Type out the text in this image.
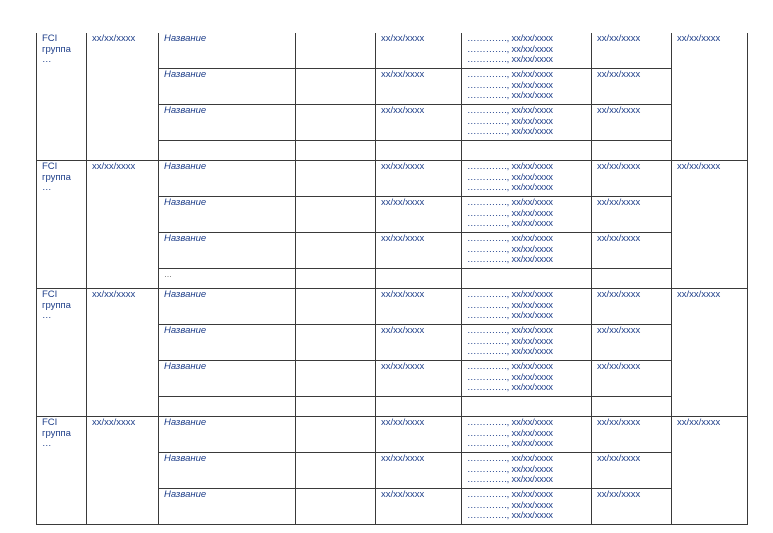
FCI группа …	xx/xx/xxxx	Название		xx/xx/xxxx	…………., xx/xx/xxxx
…………., xx/xx/xxxx
…………., xx/xx/xxxx	xx/xx/xxxx	xx/xx/xxxx
		Название		xx/xx/xxxx	…………., xx/xx/xxxx
…………., xx/xx/xxxx
…………., xx/xx/xxxx	xx/xx/xxxx	
		Название		xx/xx/xxxx	…………., xx/xx/xxxx
…………., xx/xx/xxxx
…………., xx/xx/xxxx	xx/xx/xxxx	

FCI группа …	xx/xx/xxxx	Название		xx/xx/xxxx	…………., xx/xx/xxxx
…………., xx/xx/xxxx
…………., xx/xx/xxxx	xx/xx/xxxx	xx/xx/xxxx
		Название		xx/xx/xxxx	…………., xx/xx/xxxx
…………., xx/xx/xxxx
…………., xx/xx/xxxx	xx/xx/xxxx	
		Название		xx/xx/xxxx	…………., xx/xx/xxxx
…………., xx/xx/xxxx
…………., xx/xx/xxxx	xx/xx/xxxx	
		…					
FCI группа …	xx/xx/xxxx	Название		xx/xx/xxxx	…………., xx/xx/xxxx
…………., xx/xx/xxxx
…………., xx/xx/xxxx	xx/xx/xxxx	xx/xx/xxxx
		Название		xx/xx/xxxx	…………., xx/xx/xxxx
…………., xx/xx/xxxx
…………., xx/xx/xxxx	xx/xx/xxxx	
		Название		xx/xx/xxxx	…………., xx/xx/xxxx
…………., xx/xx/xxxx
…………., xx/xx/xxxx	xx/xx/xxxx	

FCI группа …	xx/xx/xxxx	Название		xx/xx/xxxx	…………., xx/xx/xxxx
…………., xx/xx/xxxx
…………., xx/xx/xxxx	xx/xx/xxxx	xx/xx/xxxx
		Название		xx/xx/xxxx	…………., xx/xx/xxxx
…………., xx/xx/xxxx
…………., xx/xx/xxxx	xx/xx/xxxx	
		Название		xx/xx/xxxx	…………., xx/xx/xxxx
…………., xx/xx/xxxx
…………., xx/xx/xxxx	xx/xx/xxxx	
